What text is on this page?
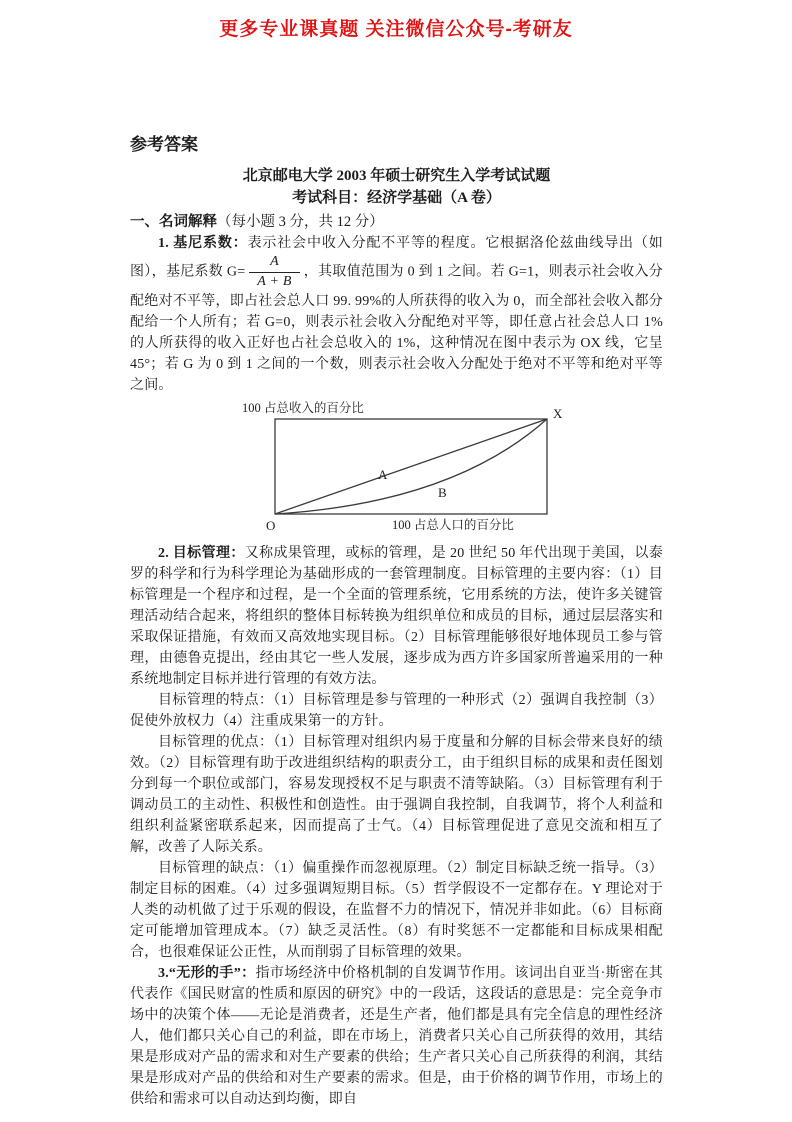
更多专业课真题 关注微信公众号-考研友
参考答案
北京邮电大学 2003 年硕士研究生入学考试试题
考试科目：经济学基础（A 卷）
一、名词解释（每小题 3 分，共 12 分）

1. 基尼系数：表示社会中收入分配不平等的程度。它根据洛伦兹曲线导出（如图），基尼系数 $G= \frac{A}{A + B}$ ，其取值范围为 0 到 1 之间。若 G=1，则表示社会收入分配绝对不平等，即占社会总人口 99. 99%的人所获得的收入为 0，而全部社会收入都分配给一个人所有；若 G=0，则表示社会收入分配绝对平等，即任意占社会总人口 1%的人所获得的收入正好也占社会总收入的 1%，这种情况在图中表示为 OX 线，它呈 45°；若 G 为 0 到 1 之间的一个数，则表示社会收入分配处于绝对不平等和绝对平等之间。

100 占总收入的百分比	X
A
B
O	100 占总人口的百分比

2. 目标管理：又称成果管理，或标的管理，是 20 世纪 50 年代出现于美国，以泰罗的科学和行为科学理论为基础形成的一套管理制度。目标管理的主要内容：（1）目标管理是一个程序和过程，是一个全面的管理系统，它用系统的方法，使许多关键管理活动结合起来，将组织的整体目标转换为组织单位和成员的目标，通过层层落实和采取保证措施，有效而又高效地实现目标。（2）目标管理能够很好地体现员工参与管理，由德鲁克提出，经由其它一些人发展，逐步成为西方许多国家所普遍采用的一种系统地制定目标并进行管理的有效方法。

目标管理的特点：（1）目标管理是参与管理的一种形式（2）强调自我控制（3）促使外放权力（4）注重成果第一的方针。

目标管理的优点：（1）目标管理对组织内易于度量和分解的目标会带来良好的绩效。（2）目标管理有助于改进组织结构的职责分工，由于组织目标的成果和责任图划分到每一个职位或部门，容易发现授权不足与职责不清等缺陷。（3）目标管理有利于调动员工的主动性、积极性和创造性。由于强调自我控制，自我调节，将个人利益和组织利益紧密联系起来，因而提高了士气。（4）目标管理促进了意见交流和相互了解，改善了人际关系。

目标管理的缺点：（1）偏重操作而忽视原理。（2）制定目标缺乏统一指导。（3）制定目标的困难。（4）过多强调短期目标。（5）哲学假设不一定都存在。Y 理论对于人类的动机做了过于乐观的假设，在监督不力的情况下，情况并非如此。（6）目标商定可能增加管理成本。（7）缺乏灵活性。（8）有时奖惩不一定都能和目标成果相配合，也很难保证公正性，从而削弱了目标管理的效果。

3.“无形的手”：指市场经济中价格机制的自发调节作用。该词出自亚当·斯密在其代表作《国民财富的性质和原因的研究》中的一段话，这段话的意思是：完全竞争市场中的决策个体——无论是消费者，还是生产者，他们都是具有完全信息的理性经济人，他们都只关心自己的利益，即在市场上，消费者只关心自己所获得的效用，其结果是形成对产品的需求和对生产要素的供给；生产者只关心自己所获得的利润，其结果是形成对产品的供给和对生产要素的需求。但是，由于价格的调节作用，市场上的供给和需求可以自动达到均衡，即自
